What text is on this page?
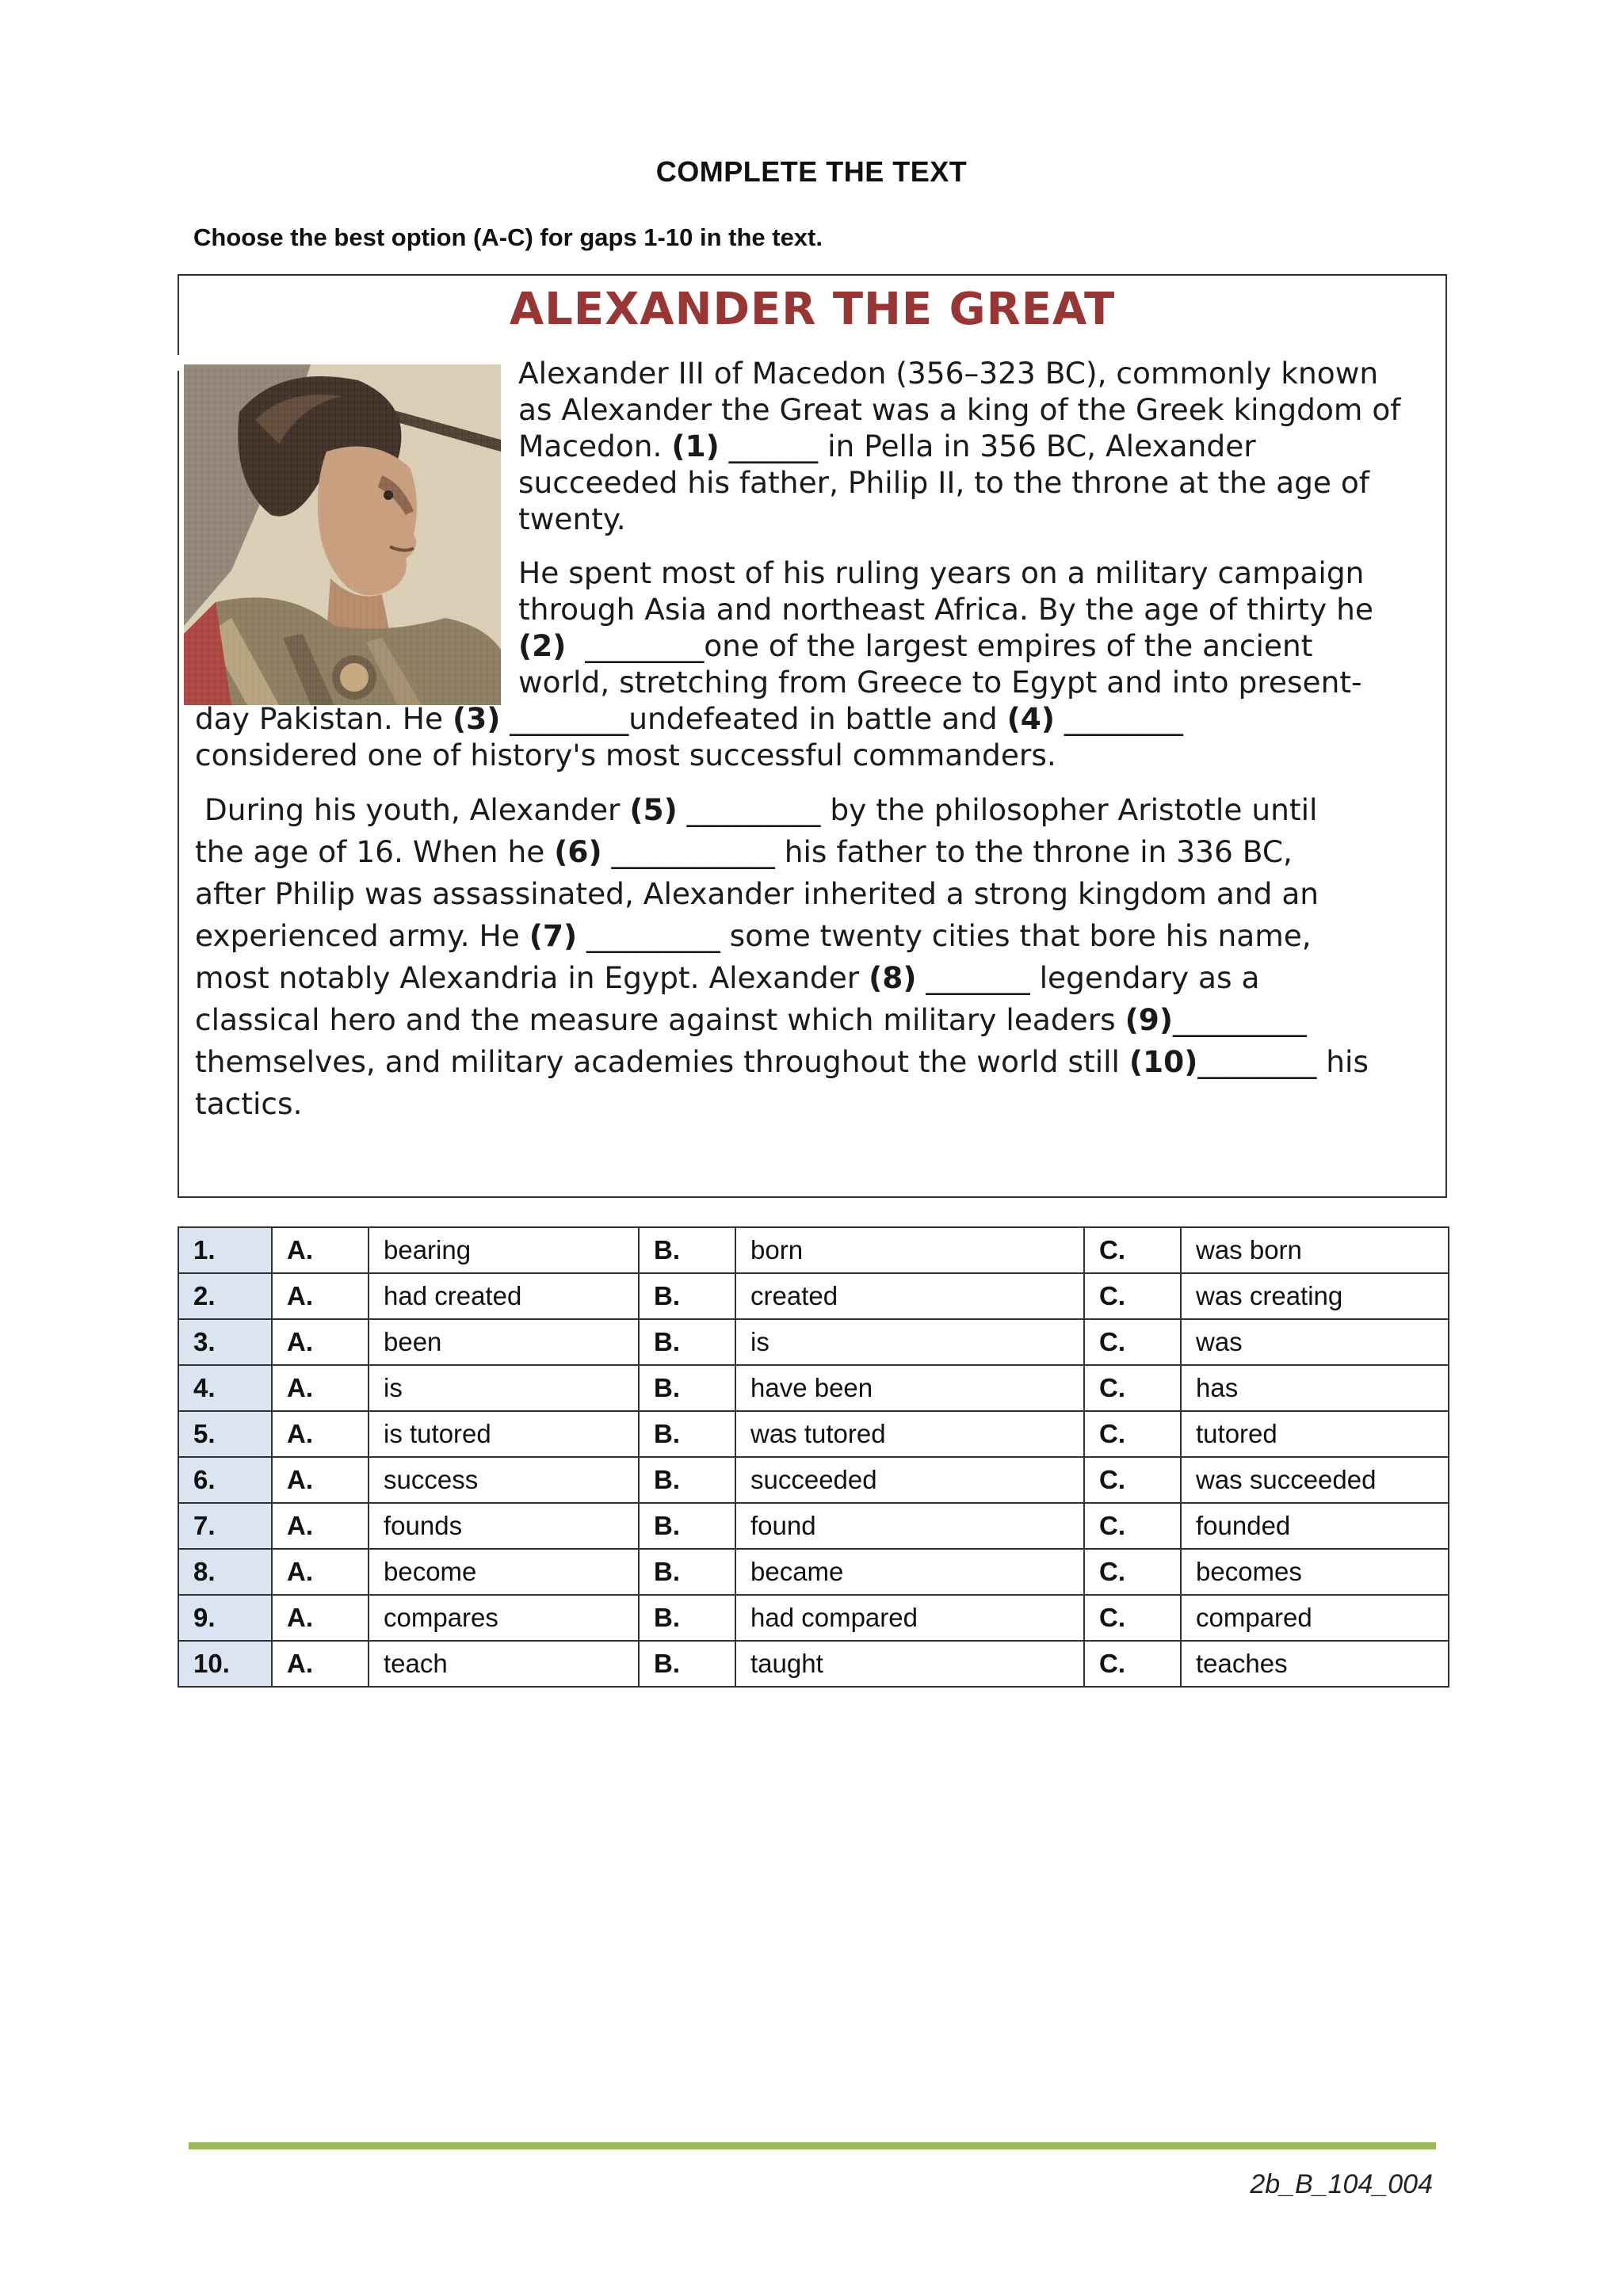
COMPLETE THE TEXT
Choose the best option (A-C) for gaps 1-10 in the text.
ALEXANDER THE GREAT
Alexander III of Macedon (356–323 BC), commonly known
as Alexander the Great was a king of the Greek kingdom of
Macedon. (1) ______ in Pella in 356 BC, Alexander
succeeded his father, Philip II, to the throne at the age of
twenty.
He spent most of his ruling years on a military campaign
through Asia and northeast Africa. By the age of thirty he
(2)  ________one of the largest empires of the ancient
world, stretching from Greece to Egypt and into present-
day Pakistan. He (3) ________undefeated in battle and (4) ________
considered one of history's most successful commanders.
During his youth, Alexander (5) _________ by the philosopher Aristotle until
the age of 16. When he (6) ___________ his father to the throne in 336 BC,
after Philip was assassinated, Alexander inherited a strong kingdom and an
experienced army. He (7) _________ some twenty cities that bore his name,
most notably Alexandria in Egypt. Alexander (8) _______ legendary as a
classical hero and the measure against which military leaders (9)_________
themselves, and military academies throughout the world still (10)________ his
tactics.
1.	A.	bearing	B.	born	C.	was born
2.	A.	had created	B.	created	C.	was creating
3.	A.	been	B.	is	C.	was
4.	A.	is	B.	have been	C.	has
5.	A.	is tutored	B.	was tutored	C.	tutored
6.	A.	success	B.	succeeded	C.	was succeeded
7.	A.	founds	B.	found	C.	founded
8.	A.	become	B.	became	C.	becomes
9.	A.	compares	B.	had compared	C.	compared
10.	A.	teach	B.	taught	C.	teaches
2b_B_104_004
